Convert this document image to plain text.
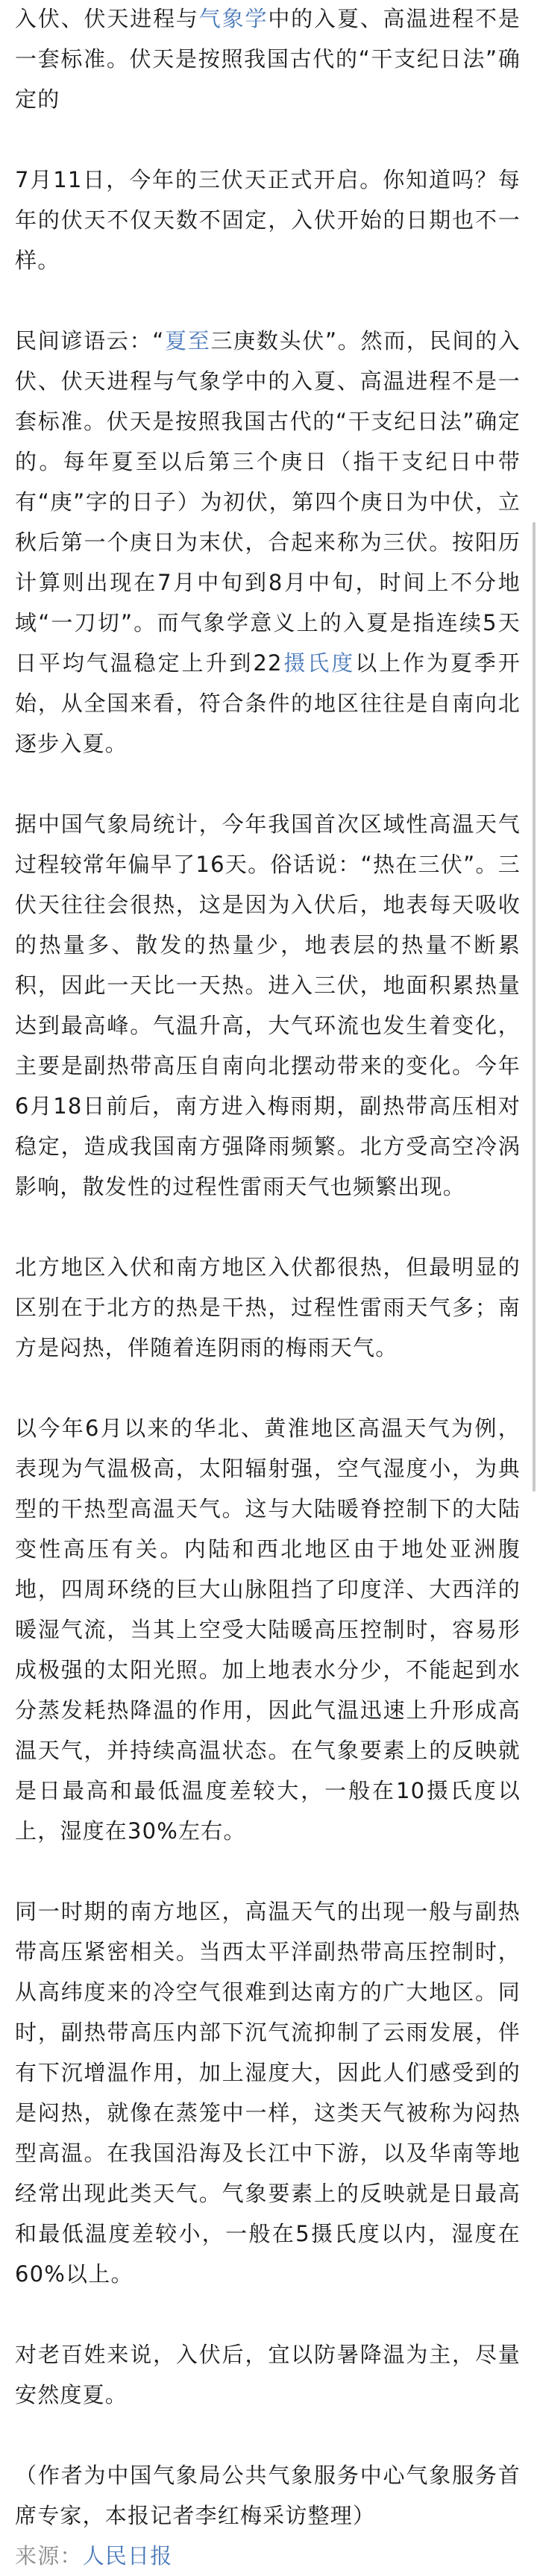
入伏、伏天进程与气象学中的入夏、高温进程不是一套标准。伏天是按照我国古代的“干支纪日法”确定的

7月11日，今年的三伏天正式开启。你知道吗？每年的伏天不仅天数不固定，入伏开始的日期也不一样。

民间谚语云：“夏至三庚数头伏”。然而，民间的入伏、伏天进程与气象学中的入夏、高温进程不是一套标准。伏天是按照我国古代的“干支纪日法”确定的。每年夏至以后第三个庚日（指干支纪日中带有“庚”字的日子）为初伏，第四个庚日为中伏，立秋后第一个庚日为末伏，合起来称为三伏。按阳历计算则出现在7月中旬到8月中旬，时间上不分地域“一刀切”。而气象学意义上的入夏是指连续5天日平均气温稳定上升到22摄氏度以上作为夏季开始，从全国来看，符合条件的地区往往是自南向北逐步入夏。

据中国气象局统计，今年我国首次区域性高温天气过程较常年偏早了16天。俗话说：“热在三伏”。三伏天往往会很热，这是因为入伏后，地表每天吸收的热量多、散发的热量少，地表层的热量不断累积，因此一天比一天热。进入三伏，地面积累热量达到最高峰。气温升高，大气环流也发生着变化，主要是副热带高压自南向北摆动带来的变化。今年6月18日前后，南方进入梅雨期，副热带高压相对稳定，造成我国南方强降雨频繁。北方受高空冷涡影响，散发性的过程性雷雨天气也频繁出现。

北方地区入伏和南方地区入伏都很热，但最明显的区别在于北方的热是干热，过程性雷雨天气多；南方是闷热，伴随着连阴雨的梅雨天气。

以今年6月以来的华北、黄淮地区高温天气为例，表现为气温极高，太阳辐射强，空气湿度小，为典型的干热型高温天气。这与大陆暖脊控制下的大陆变性高压有关。内陆和西北地区由于地处亚洲腹地，四周环绕的巨大山脉阻挡了印度洋、大西洋的暖湿气流，当其上空受大陆暖高压控制时，容易形成极强的太阳光照。加上地表水分少，不能起到水分蒸发耗热降温的作用，因此气温迅速上升形成高温天气，并持续高温状态。在气象要素上的反映就是日最高和最低温度差较大，一般在10摄氏度以上，湿度在30%左右。

同一时期的南方地区，高温天气的出现一般与副热带高压紧密相关。当西太平洋副热带高压控制时，从高纬度来的冷空气很难到达南方的广大地区。同时，副热带高压内部下沉气流抑制了云雨发展，伴有下沉增温作用，加上湿度大，因此人们感受到的是闷热，就像在蒸笼中一样，这类天气被称为闷热型高温。在我国沿海及长江中下游，以及华南等地经常出现此类天气。气象要素上的反映就是日最高和最低温度差较小，一般在5摄氏度以内，湿度在60%以上。

对老百姓来说，入伏后，宜以防暑降温为主，尽量安然度夏。

（作者为中国气象局公共气象服务中心气象服务首席专家，本报记者李红梅采访整理）

来源：人民日报
